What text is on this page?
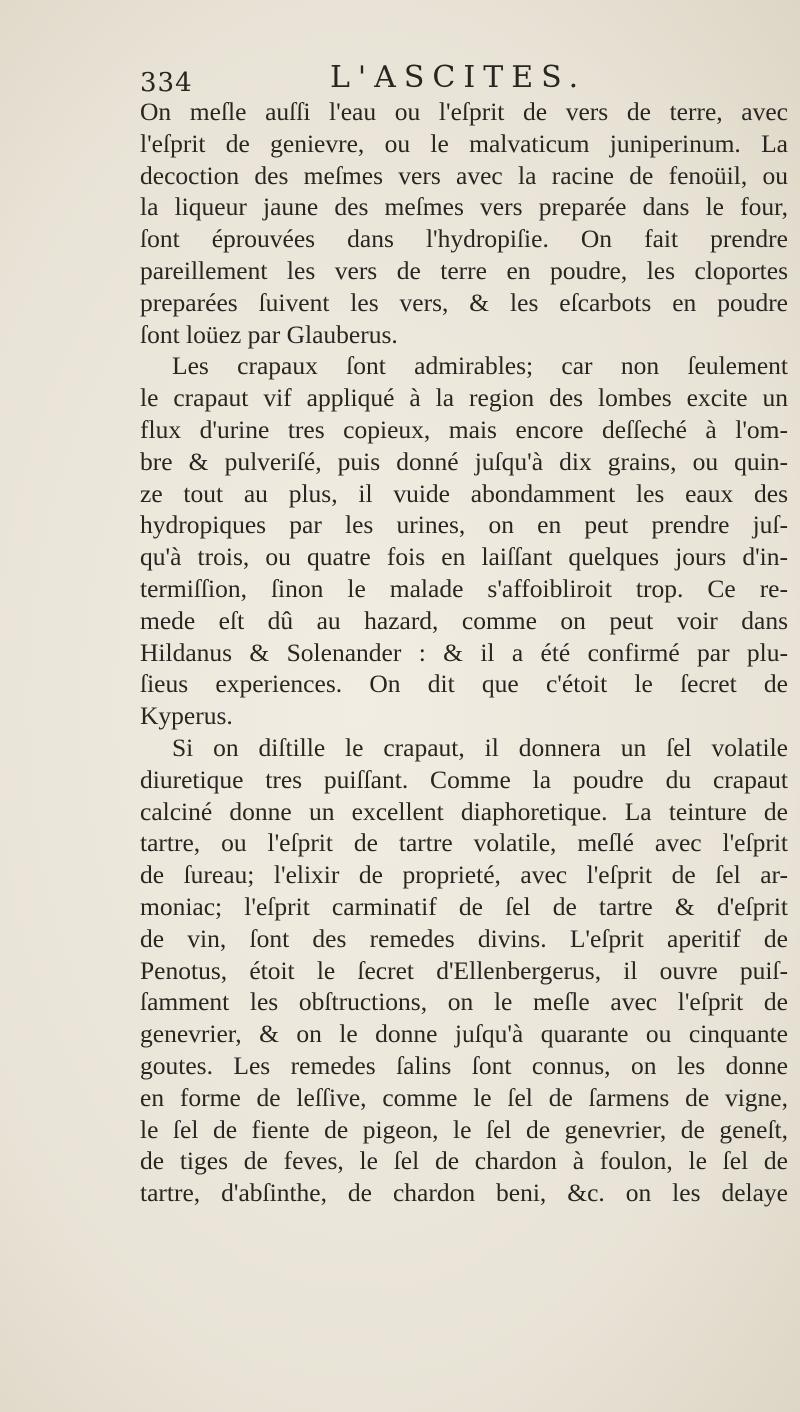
334	L'ASCITES.
On meſle auſſi l'eau ou l'eſprit de vers de terre, avec
l'eſprit de genievre, ou le malvaticum juniperinum. La
decoction des meſmes vers avec la racine de fenoüil, ou
la liqueur jaune des meſmes vers preparée dans le four,
ſont éprouvées dans l'hydropiſie. On fait prendre
pareillement les vers de terre en poudre, les cloportes
preparées ſuivent les vers, & les eſcarbots en poudre
ſont loüez par Glauberus.
Les crapaux ſont admirables; car non ſeulement
le crapaut vif appliqué à la region des lombes excite un
flux d'urine tres copieux, mais encore deſſeché à l'om-
bre & pulveriſé, puis donné juſqu'à dix grains, ou quin-
ze tout au plus, il vuide abondamment les eaux des
hydropiques par les urines, on en peut prendre juſ-
qu'à trois, ou quatre fois en laiſſant quelques jours d'in-
termiſſion, ſinon le malade s'affoibliroit trop. Ce re-
mede eſt dû au hazard, comme on peut voir dans
Hildanus & Solenander : & il a été confirmé par plu-
ſieus experiences. On dit que c'étoit le ſecret de
Kyperus.
Si on diſtille le crapaut, il donnera un ſel volatile
diuretique tres puiſſant. Comme la poudre du crapaut
calciné donne un excellent diaphoretique. La teinture de
tartre, ou l'eſprit de tartre volatile, meſlé avec l'eſprit
de ſureau; l'elixir de proprieté, avec l'eſprit de ſel ar-
moniac; l'eſprit carminatif de ſel de tartre & d'eſprit
de vin, ſont des remedes divins. L'eſprit aperitif de
Penotus, étoit le ſecret d'Ellenbergerus, il ouvre puiſ-
ſamment les obſtructions, on le meſle avec l'eſprit de
genevrier, & on le donne juſqu'à quarante ou cinquante
goutes. Les remedes ſalins ſont connus, on les donne
en forme de leſſive, comme le ſel de ſarmens de vigne,
le ſel de fiente de pigeon, le ſel de genevrier, de geneſt,
de tiges de feves, le ſel de chardon à foulon, le ſel de
tartre, d'abſinthe, de chardon beni, &c. on les delaye
